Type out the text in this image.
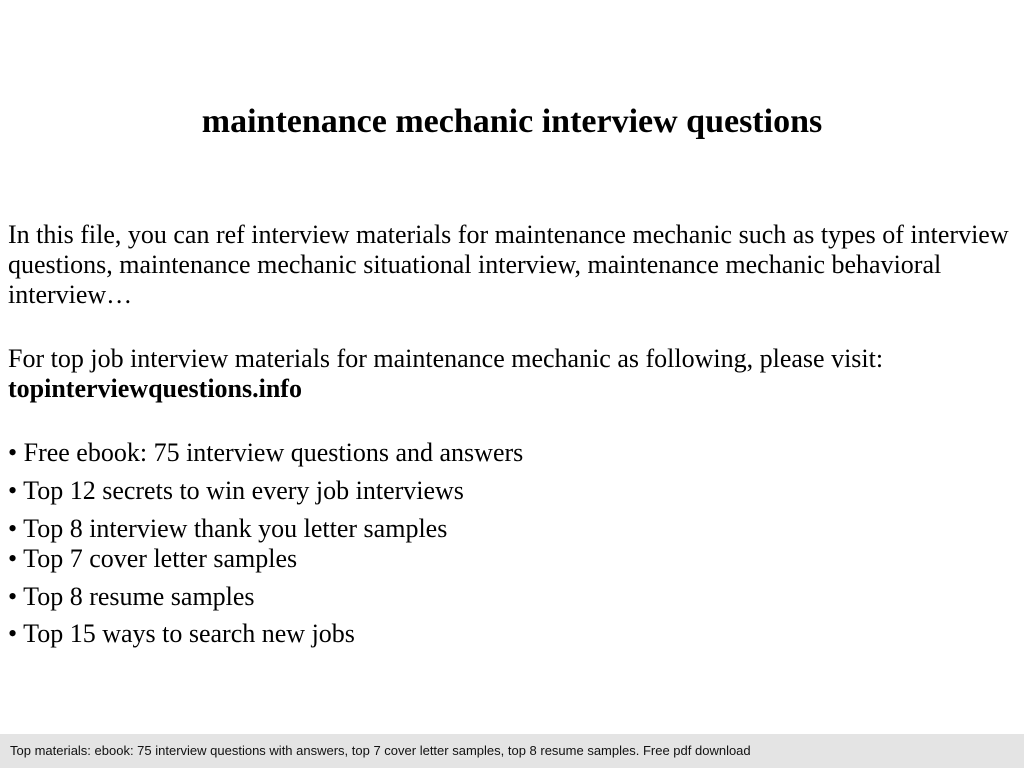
maintenance mechanic interview questions

In this file, you can ref interview materials for maintenance mechanic such as types of interview questions, maintenance mechanic situational interview, maintenance mechanic behavioral interview…

For top job interview materials for maintenance mechanic as following, please visit:
topinterviewquestions.info

• Free ebook: 75 interview questions and answers
• Top 12 secrets to win every job interviews
• Top 8 interview thank you letter samples
• Top 7 cover letter samples
• Top 8 resume samples
• Top 15 ways to search new jobs
Top materials: ebook: 75 interview questions with answers, top 7 cover letter samples, top 8 resume samples. Free pdf download
